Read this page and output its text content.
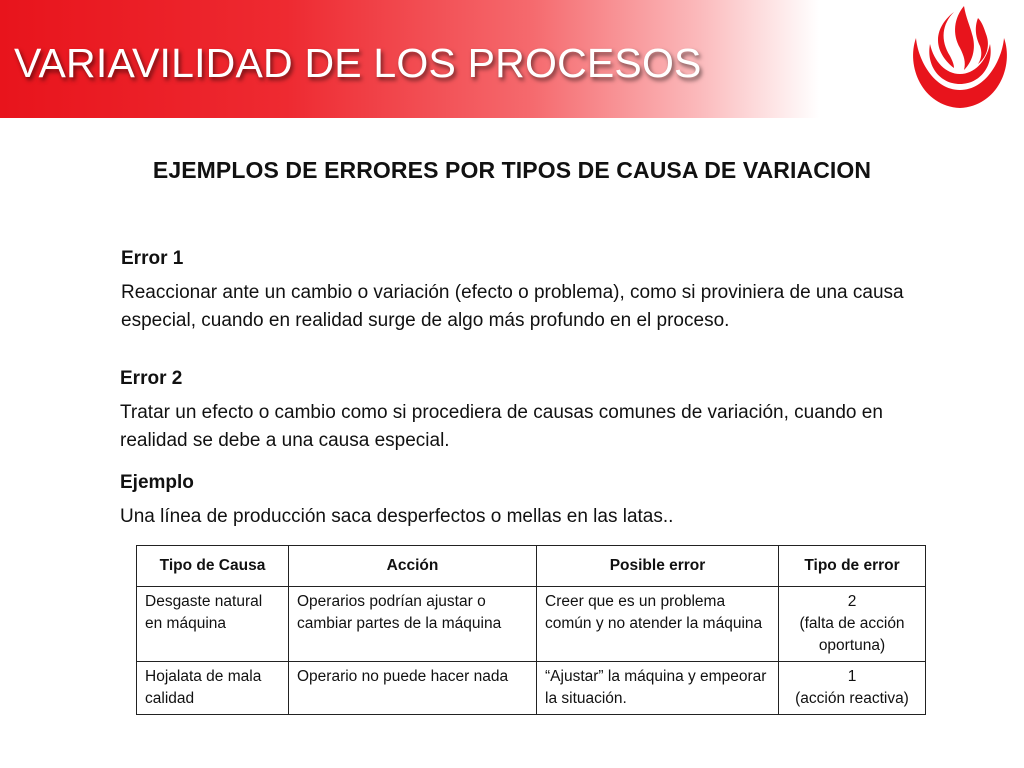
VARIAVILIDAD DE LOS PROCESOS
EJEMPLOS DE ERRORES POR TIPOS DE CAUSA DE VARIACION
Error 1
Reaccionar ante un cambio o variación (efecto o problema), como si proviniera de una causa especial, cuando en realidad surge de algo más profundo en el proceso.
Error 2
Tratar un efecto o cambio como si procediera de causas comunes de variación, cuando en realidad se debe a una causa especial.
Ejemplo
Una línea de producción saca desperfectos o mellas en las latas..
Tipo de Causa	Acción	Posible error	Tipo de error
Desgaste natural en máquina	Operarios podrían ajustar o cambiar partes de la máquina	Creer que es un problema común y no atender la máquina	2
(falta de acción oportuna)

Hojalata de mala calidad	Operario no puede hacer nada	“Ajustar” la máquina y empeorar la situación.	1
(acción reactiva)
